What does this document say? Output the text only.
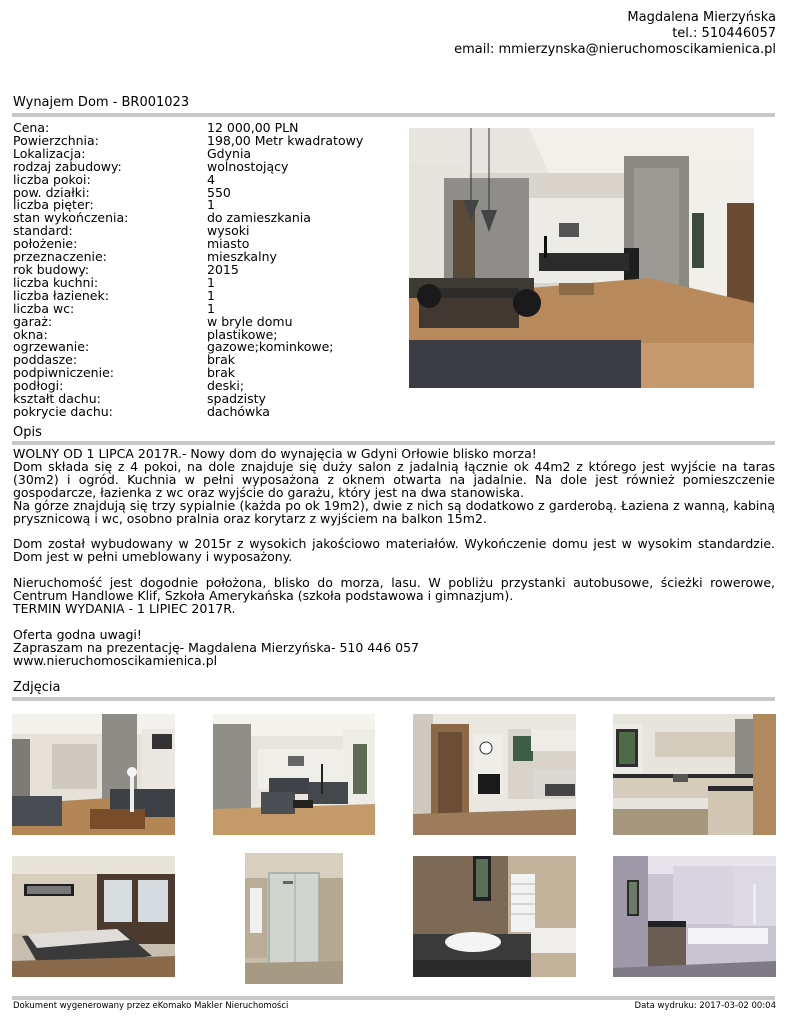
Magdalena Mierzyńska
tel.: 510446057
email: mmierzynska@nieruchomoscikamienica.pl
Wynajem Dom - BR001023
Cena:	12 000,00 PLN
Powierzchnia:	198,00 Metr kwadratowy
Lokalizacja:	Gdynia
rodzaj zabudowy:	wolnostojący
liczba pokoi:	4
pow. działki:	550
liczba pięter:	1
stan wykończenia:	do zamieszkania
standard:	wysoki
położenie:	miasto
przeznaczenie:	mieszkalny
rok budowy:	2015
liczba kuchni:	1
liczba łazienek:	1
liczba wc:	1
garaż:	w bryle domu
okna:	plastikowe;
ogrzewanie:	gazowe;kominkowe;
poddasze:	brak
podpiwniczenie:	brak
podłogi:	deski;
kształt dachu:	spadzisty
pokrycie dachu:	dachówka
Opis

WOLNY OD 1 LIPCA 2017R.- Nowy dom do wynajęcia w Gdyni Orłowie blisko morza!

Dom składa się z 4 pokoi, na dole znajduje się duży salon z jadalnią łącznie ok 44m2 z którego jest wyjście na taras (30m2) i ogród. Kuchnia w pełni wyposażona z oknem otwarta na jadalnie. Na dole jest również pomieszczenie gospodarcze, łazienka z wc oraz wyjście do garażu, który jest na dwa stanowiska.

Na górze znajdują się trzy sypialnie (każda po ok 19m2), dwie z nich są dodatkowo z garderobą. Łaziena z wanną, kabiną prysznicową i wc, osobno pralnia oraz korytarz z wyjściem na balkon 15m2.

Dom został wybudowany w 2015r z wysokich jakościowo materiałów. Wykończenie domu jest w wysokim standardzie. Dom jest w pełni umeblowany i wyposażony.

Nieruchomość jest dogodnie położona, blisko do morza, lasu. W pobliżu przystanki autobusowe, ścieżki rowerowe, Centrum Handlowe Klif, Szkoła Amerykańska (szkoła podstawowa i gimnazjum).

TERMIN WYDANIA - 1 LIPIEC 2017R.

Oferta godna uwagi!

Zapraszam na prezentację- Magdalena Mierzyńska- 510 446 057

www.nieruchomoscikamienica.pl

Zdjęcia
Dokument wygenerowany przez eKomako Makler Nieruchomości	Data wydruku: 2017-03-02 00:04
